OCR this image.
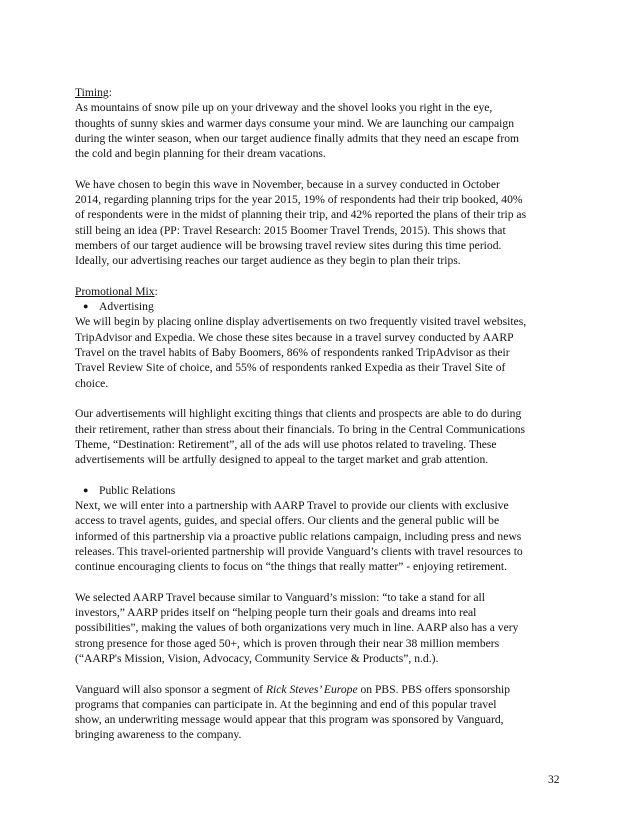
Timing:
As mountains of snow pile up on your driveway and the shovel looks you right in the eye,
thoughts of sunny skies and warmer days consume your mind. We are launching our campaign
during the winter season, when our target audience finally admits that they need an escape from
the cold and begin planning for their dream vacations.
We have chosen to begin this wave in November, because in a survey conducted in October
2014, regarding planning trips for the year 2015, 19% of respondents had their trip booked, 40%
of respondents were in the midst of planning their trip, and 42% reported the plans of their trip as
still being an idea (PP: Travel Research: 2015 Boomer Travel Trends, 2015). This shows that
members of our target audience will be browsing travel review sites during this time period.
Ideally, our advertising reaches our target audience as they begin to plan their trips.
Promotional Mix:
● Advertising
We will begin by placing online display advertisements on two frequently visited travel websites,
TripAdvisor and Expedia. We chose these sites because in a travel survey conducted by AARP
Travel on the travel habits of Baby Boomers, 86% of respondents ranked TripAdvisor as their
Travel Review Site of choice, and 55% of respondents ranked Expedia as their Travel Site of
choice.
Our advertisements will highlight exciting things that clients and prospects are able to do during
their retirement, rather than stress about their financials. To bring in the Central Communications
Theme, “Destination: Retirement”, all of the ads will use photos related to traveling. These
advertisements will be artfully designed to appeal to the target market and grab attention.
● Public Relations
Next, we will enter into a partnership with AARP Travel to provide our clients with exclusive
access to travel agents, guides, and special offers. Our clients and the general public will be
informed of this partnership via a proactive public relations campaign, including press and news
releases. This travel-oriented partnership will provide Vanguard’s clients with travel resources to
continue encouraging clients to focus on “the things that really matter” - enjoying retirement.
We selected AARP Travel because similar to Vanguard’s mission: “to take a stand for all
investors,” AARP prides itself on “helping people turn their goals and dreams into real
possibilities”, making the values of both organizations very much in line. AARP also has a very
strong presence for those aged 50+, which is proven through their near 38 million members
(“AARP's Mission, Vision, Advocacy, Community Service & Products”, n.d.).
Vanguard will also sponsor a segment of Rick Steves’ Europe on PBS. PBS offers sponsorship
programs that companies can participate in. At the beginning and end of this popular travel
show, an underwriting message would appear that this program was sponsored by Vanguard,
bringing awareness to the company.
32
